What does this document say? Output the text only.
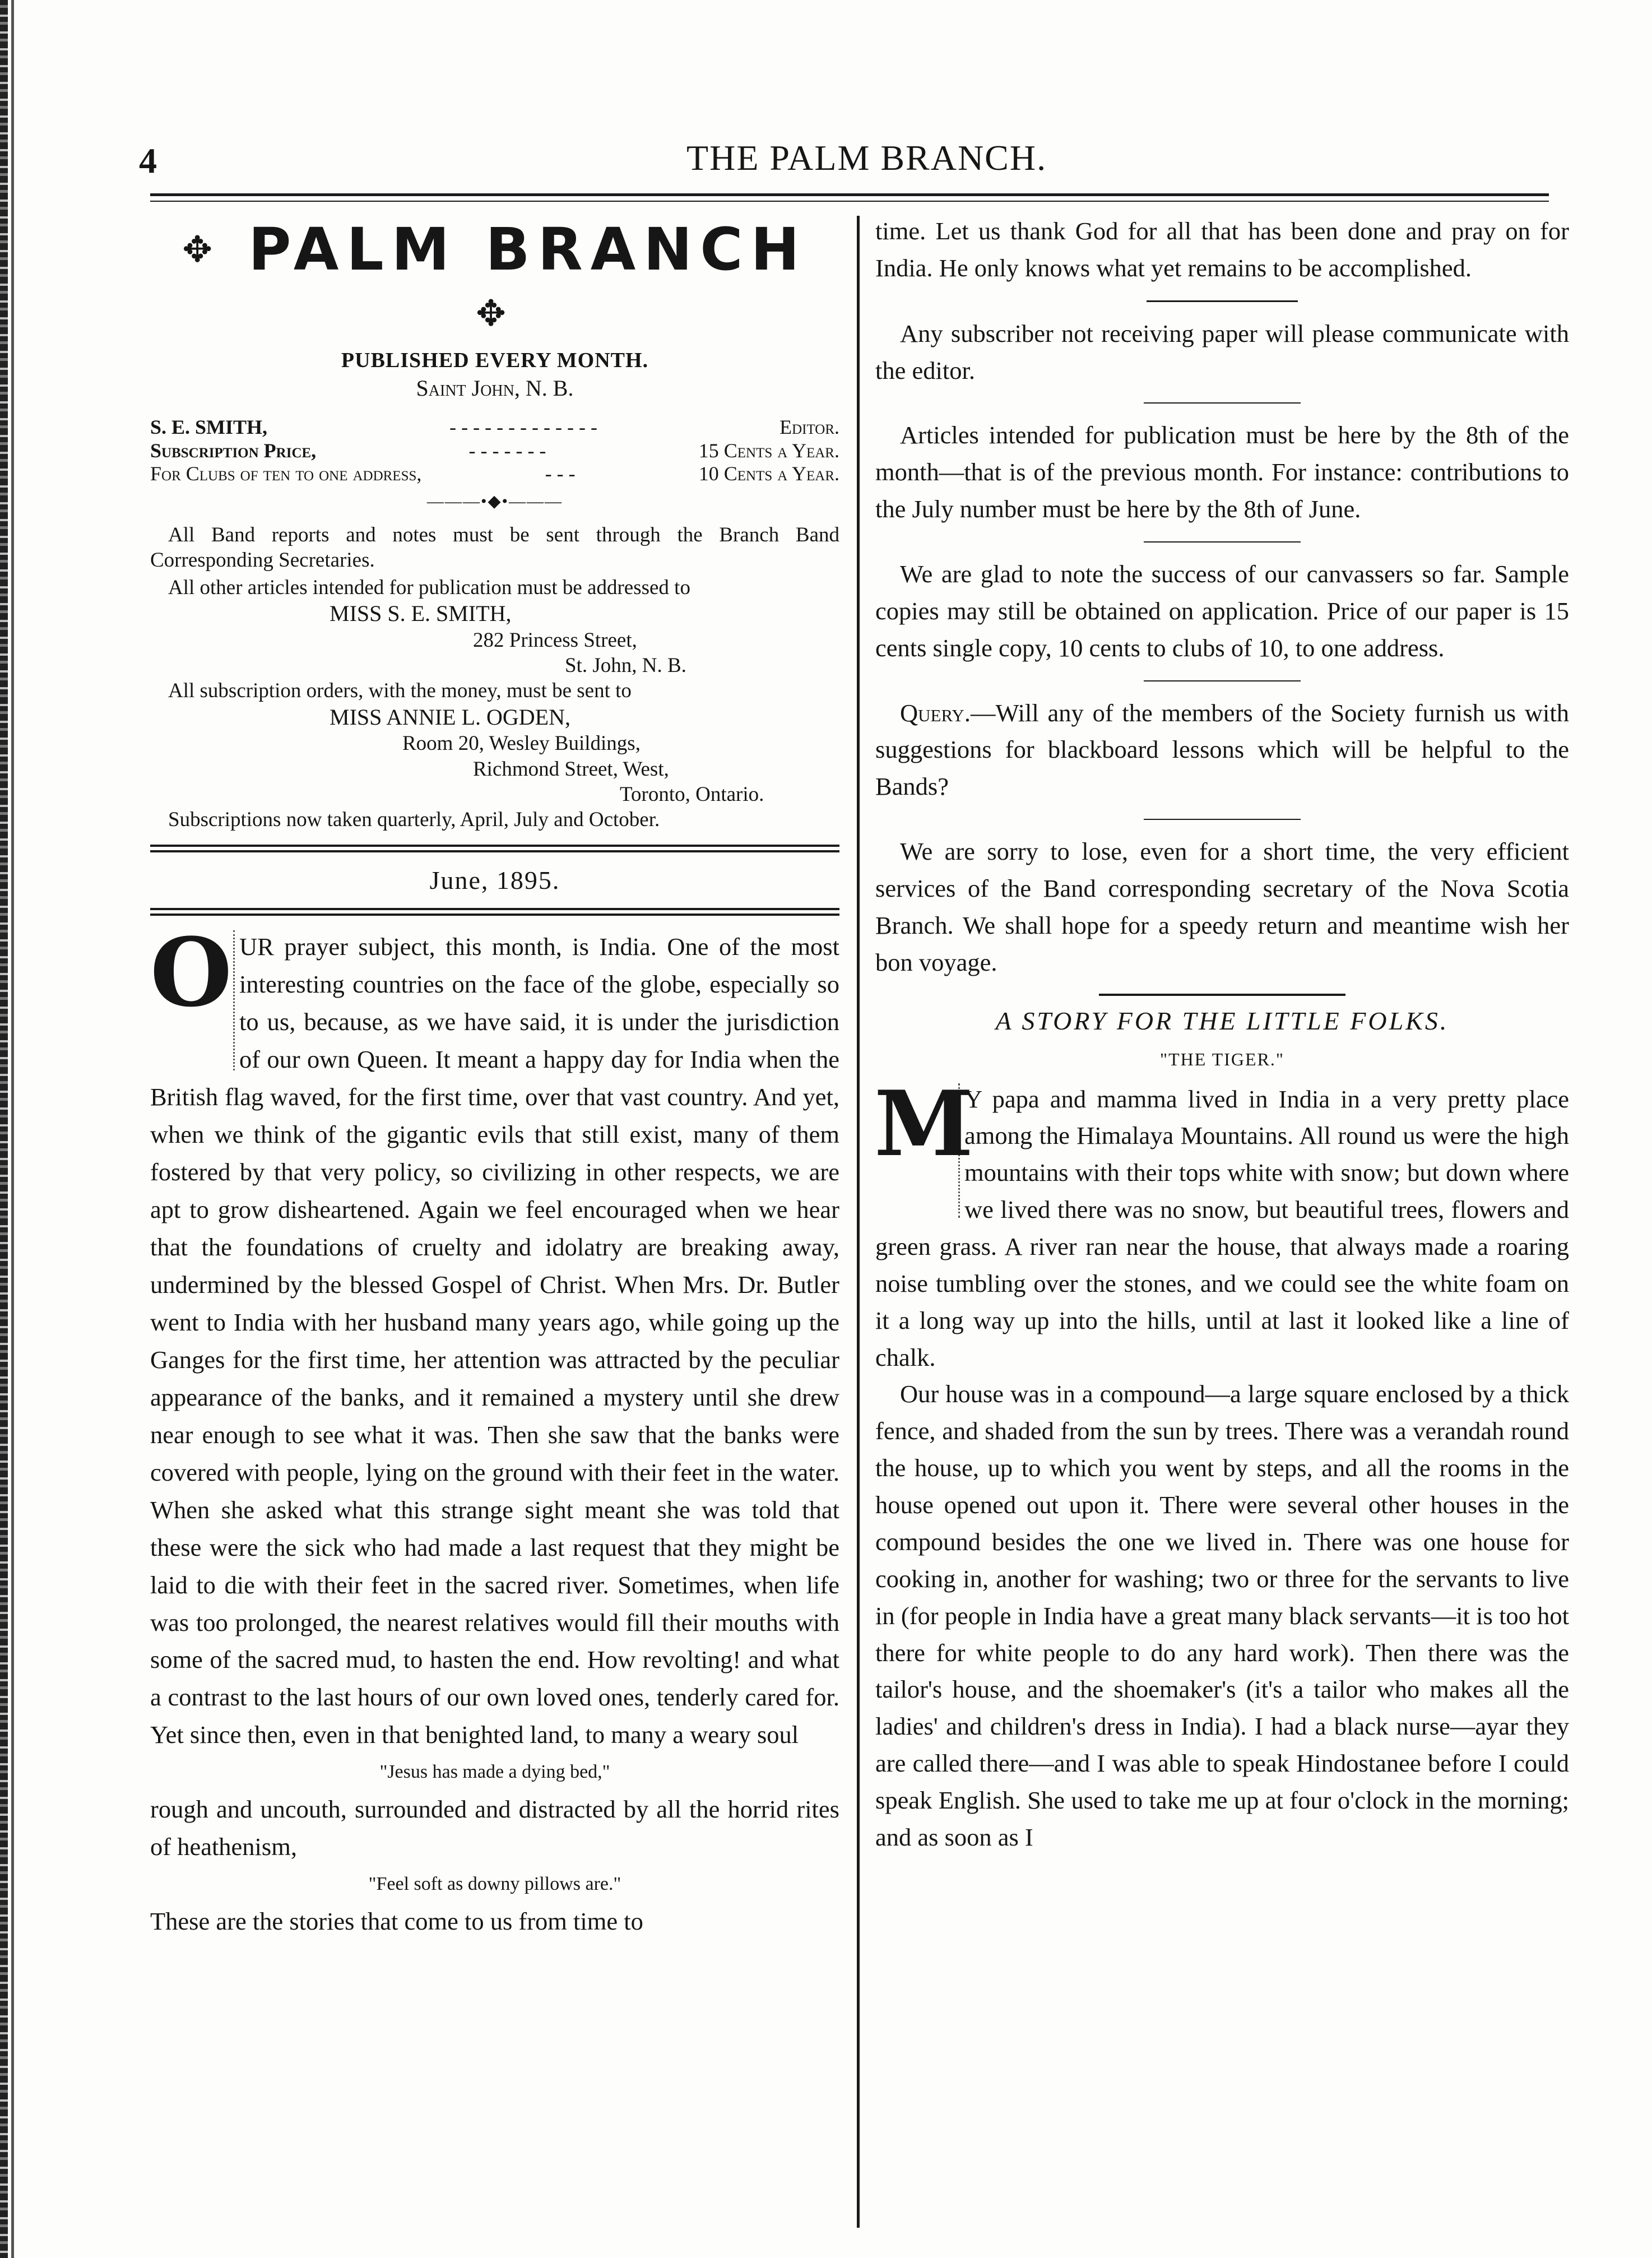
4	THE PALM BRANCH.
✥ PALM BRANCH ✥
PUBLISHED EVERY MONTH.
Saint John, N. B.
S. E. SMITH,	- - - - - - - - - - - - -	Editor.
Subscription Price,	- - - - - - -	15 Cents a Year.
For Clubs of ten to one address,	- - -	10 Cents a Year.
———•◆•———
All Band reports and notes must be sent through the Branch Band Corresponding Secretaries.
All other articles intended for publication must be addressed to
MISS S. E. SMITH,
282 Princess Street,
St. John, N. B.
All subscription orders, with the money, must be sent to
MISS ANNIE L. OGDEN,
Room 20, Wesley Buildings,
Richmond Street, West,
Toronto, Ontario.
Subscriptions now taken quarterly, April, July and October.
June, 1895.

O UR prayer subject, this month, is India. One of the most interesting countries on the face of the globe, especially so to us, because, as we have said, it is under the jurisdiction of our own Queen. It meant a happy day for India when the British flag waved, for the first time, over that vast country. And yet, when we think of the gigantic evils that still exist, many of them fostered by that very policy, so civilizing in other respects, we are apt to grow disheartened. Again we feel encouraged when we hear that the foundations of cruelty and idolatry are breaking away, undermined by the blessed Gospel of Christ. When Mrs. Dr. Butler went to India with her husband many years ago, while going up the Ganges for the first time, her attention was attracted by the peculiar appearance of the banks, and it remained a mystery until she drew near enough to see what it was. Then she saw that the banks were covered with people, lying on the ground with their feet in the water. When she asked what this strange sight meant she was told that these were the sick who had made a last request that they might be laid to die with their feet in the sacred river. Sometimes, when life was too prolonged, the nearest relatives would fill their mouths with some of the sacred mud, to hasten the end. How revolting! and what a contrast to the last hours of our own loved ones, tenderly cared for. Yet since then, even in that benighted land, to many a weary soul

"Jesus has made a dying bed,"

rough and uncouth, surrounded and distracted by all the horrid rites of heathenism,

"Feel soft as downy pillows are."

These are the stories that come to us from time to

time. Let us thank God for all that has been done and pray on for India. He only knows what yet remains to be accomplished.

Any subscriber not receiving paper will please communicate with the editor.

Articles intended for publication must be here by the 8th of the month—that is of the previous month. For instance: contributions to the July number must be here by the 8th of June.

We are glad to note the success of our canvassers so far. Sample copies may still be obtained on application. Price of our paper is 15 cents single copy, 10 cents to clubs of 10, to one address.

Query.—Will any of the members of the Society furnish us with suggestions for blackboard lessons which will be helpful to the Bands?

We are sorry to lose, even for a short time, the very efficient services of the Band corresponding secretary of the Nova Scotia Branch. We shall hope for a speedy return and meantime wish her bon voyage.

A STORY FOR THE LITTLE FOLKS.
"THE TIGER."

M
Y papa and mamma lived in India in a very pretty place among the Himalaya Mountains. All round us were the high mountains with their tops white with snow; but down where we lived there was no snow, but beautiful trees, flowers and green grass. A river ran near the house, that always made a roaring noise tumbling over the stones, and we could see the white foam on it a long way up into the hills, until at last it looked like a line of chalk.

Our house was in a compound—a large square enclosed by a thick fence, and shaded from the sun by trees. There was a verandah round the house, up to which you went by steps, and all the rooms in the house opened out upon it. There were several other houses in the compound besides the one we lived in. There was one house for cooking in, another for washing; two or three for the servants to live in (for people in India have a great many black servants—it is too hot there for white people to do any hard work). Then there was the tailor's house, and the shoemaker's (it's a tailor who makes all the ladies' and children's dress in India). I had a black nurse—ayar they are called there—and I was able to speak Hindostanee before I could speak English. She used to take me up at four o'clock in the morning; and as soon as I
